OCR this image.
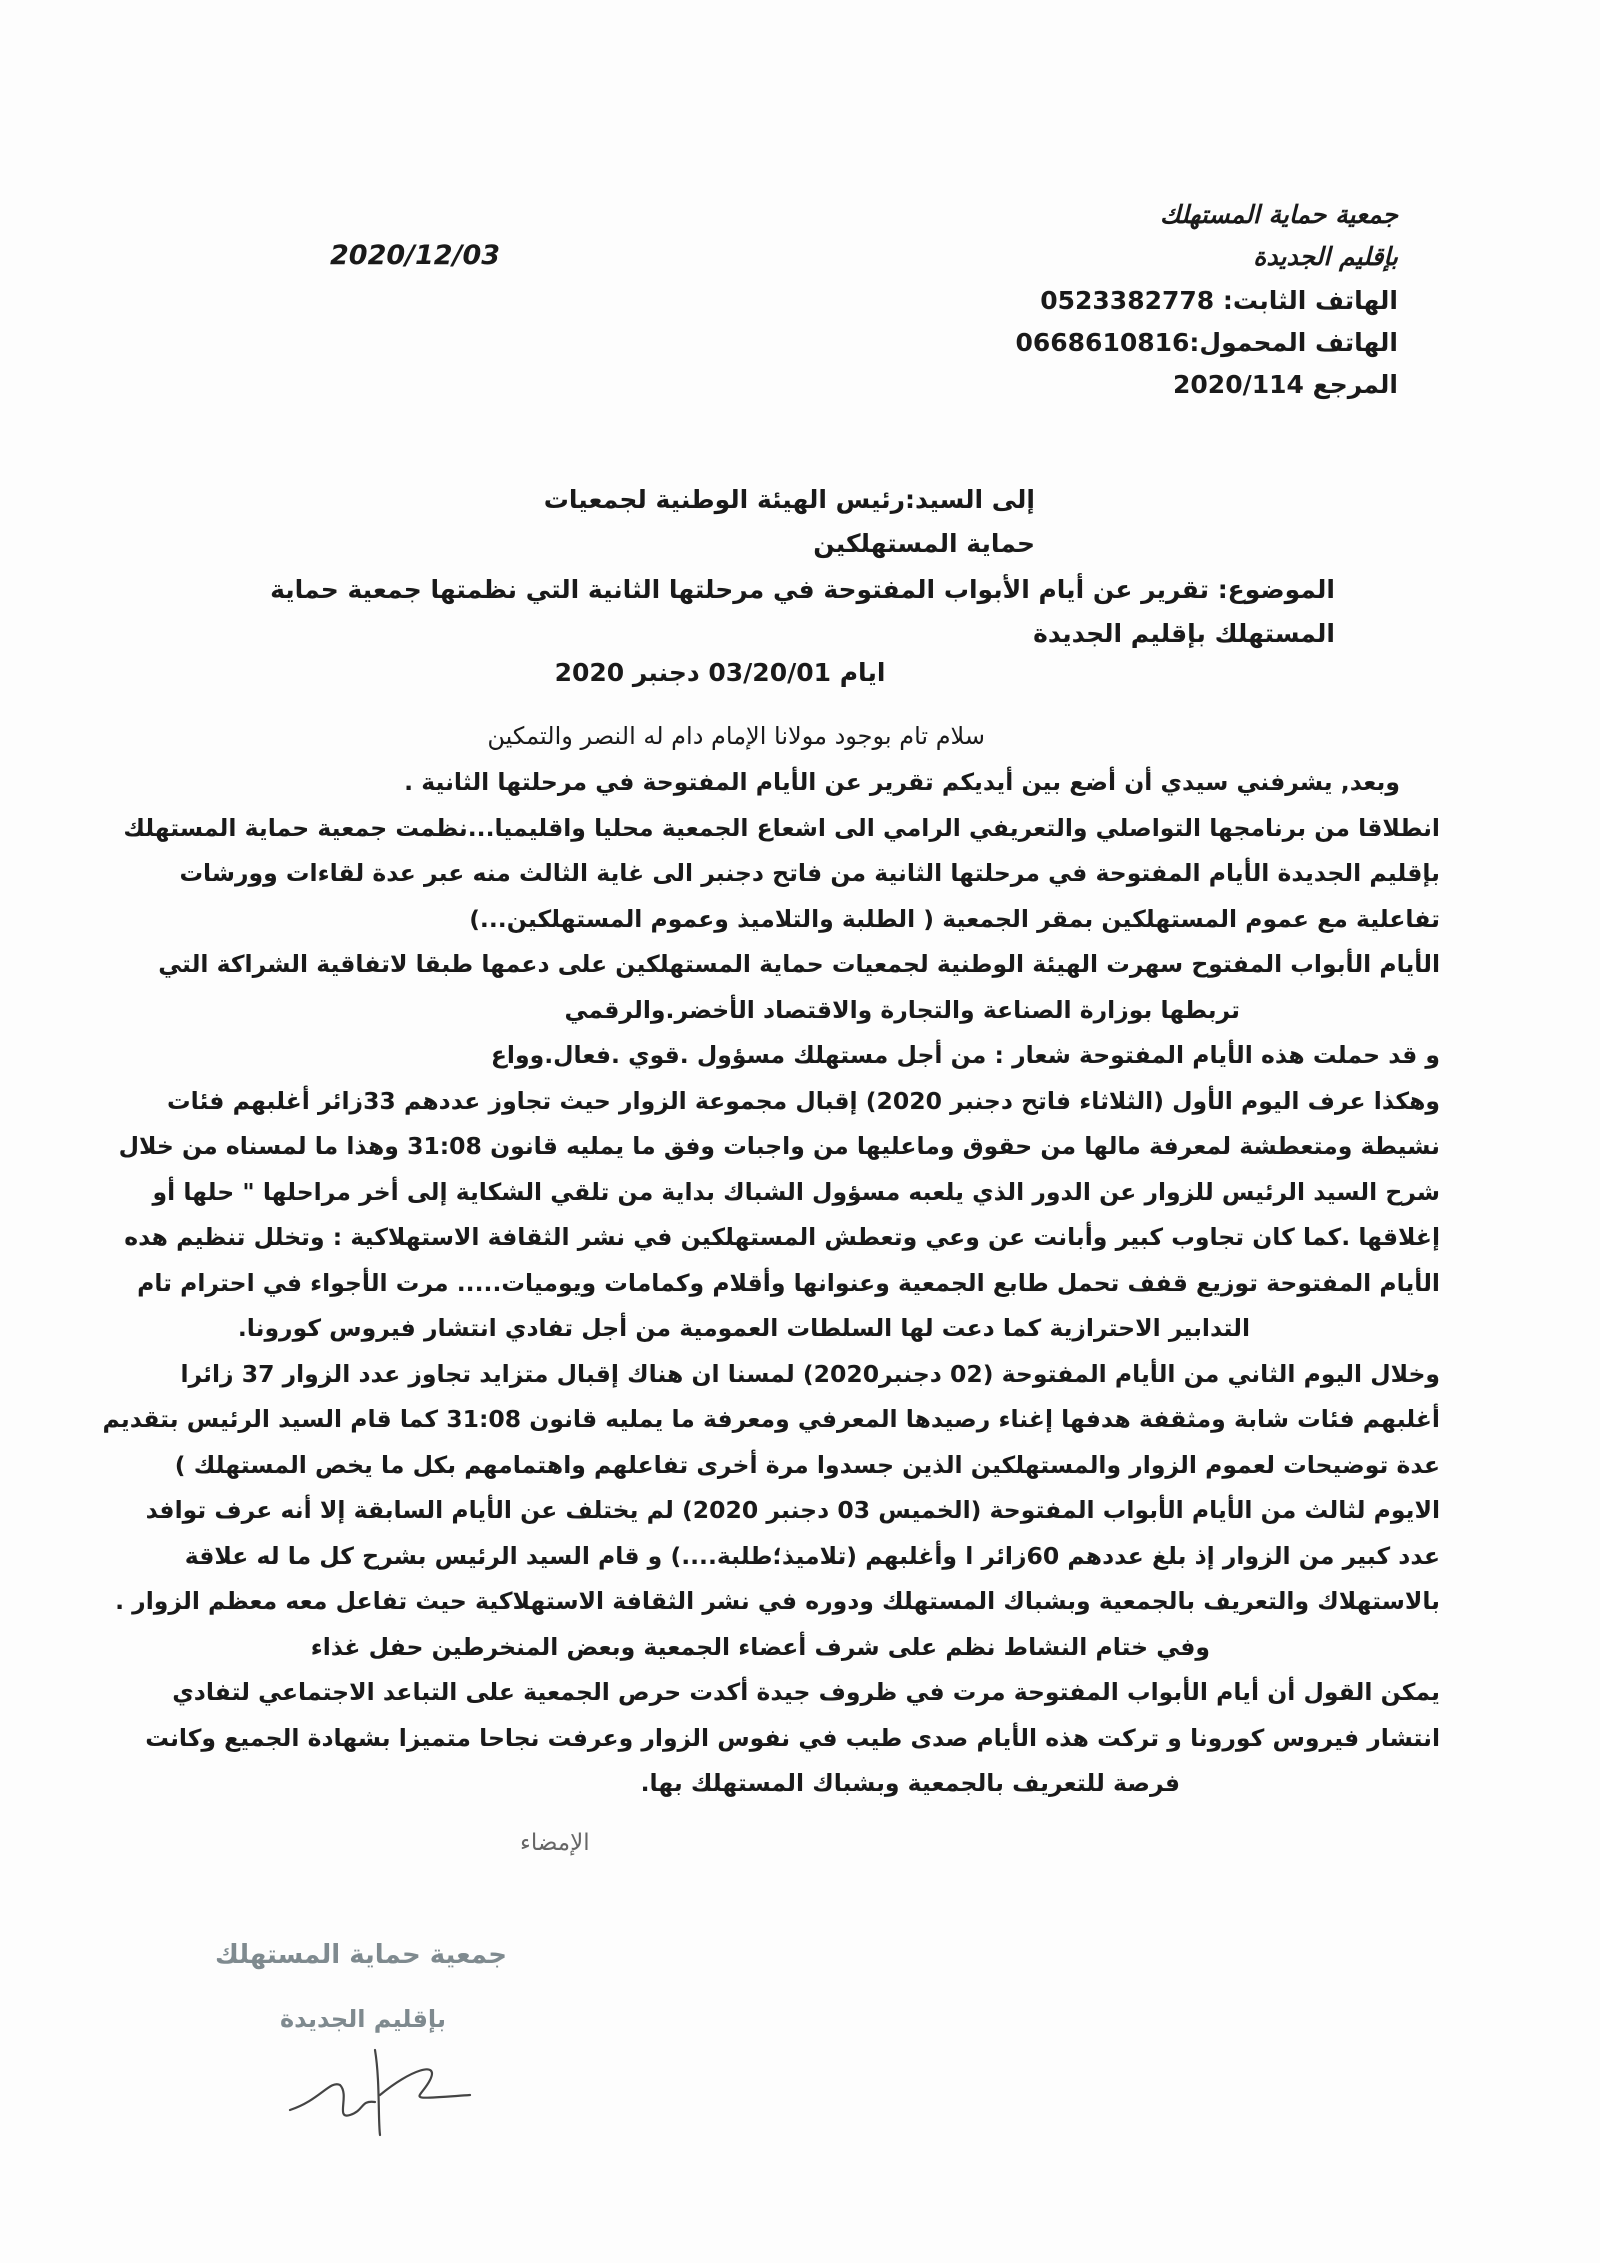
جمعية حماية المستهلك
بإقليم الجديدة
الهاتف الثابت: 0523382778
الهاتف المحمول:0668610816
المرجع 2020/114
2020/12/03
إلى السيد:رئيس الهيئة الوطنية لجمعيات حماية المستهلكين
الموضوع: تقرير عن أيام الأبواب المفتوحة في مرحلتها الثانية التي نظمتها جمعية حماية المستهلك بإقليم الجديدة
ايام 03/20/01 دجنبر 2020
سلام تام بوجود مولانا الإمام دام له النصر والتمكين
وبعد, يشرفني سيدي أن أضع بين أيديكم تقرير عن الأيام المفتوحة في مرحلتها الثانية .
انطلاقا من برنامجها التواصلي والتعريفي الرامي الى اشعاع الجمعية محليا واقليميا...نظمت جمعية حماية المستهلك
بإقليم الجديدة الأيام المفتوحة في مرحلتها الثانية من فاتح دجنبر الى غاية الثالث منه عبر عدة لقاءات وورشات
تفاعلية مع عموم المستهلكين بمقر الجمعية ( الطلبة والتلاميذ وعموم المستهلكين...)
الأيام الأبواب المفتوح سهرت الهيئة الوطنية لجمعيات حماية المستهلكين على دعمها طبقا لاتفاقية الشراكة التي
تربطها بوزارة الصناعة والتجارة والاقتصاد الأخضر.والرقمي
و قد حملت هذه الأيام المفتوحة شعار : من أجل مستهلك مسؤول .قوي .فعال.وواع
وهكذا عرف اليوم الأول (الثلاثاء فاتح دجنبر 2020) إقبال مجموعة الزوار حيث تجاوز عددهم 33زائر أغلبهم فئات
نشيطة ومتعطشة لمعرفة مالها من حقوق وماعليها من واجبات وفق ما يمليه قانون 31:08 وهذا ما لمسناه من خلال
شرح السيد الرئيس للزوار عن الدور الذي يلعبه مسؤول الشباك بداية من تلقي الشكاية إلى أخر مراحلها " حلها أو
إغلاقها .كما كان تجاوب كبير وأبانت عن وعي وتعطش المستهلكين في نشر الثقافة الاستهلاكية : وتخلل تنظيم هده
الأيام المفتوحة توزيع قفف تحمل طابع الجمعية وعنوانها وأقلام وكمامات ويوميات..... مرت الأجواء في احترام تام
التدابير الاحترازية كما دعت لها السلطات العمومية من أجل تفادي انتشار فيروس كورونا.
وخلال اليوم الثاني من الأيام المفتوحة (02 دجنبر2020) لمسنا ان هناك إقبال متزايد تجاوز عدد الزوار 37 زائرا
أغلبهم فئات شابة ومثقفة هدفها إغناء رصيدها المعرفي ومعرفة ما يمليه قانون 31:08 كما قام السيد الرئيس بتقديم
عدة توضيحات لعموم الزوار والمستهلكين الذين جسدوا مرة أخرى تفاعلهم واهتمامهم بكل ما يخص المستهلك )
الايوم لثالث من الأيام الأبواب المفتوحة (الخميس 03 دجنبر 2020) لم يختلف عن الأيام السابقة إلا أنه عرف توافد
عدد كبير من الزوار إذ بلغ عددهم 60زائر ا وأغلبهم (تلاميذ؛طلبة....) و قام السيد الرئيس بشرح كل ما له علاقة
بالاستهلاك والتعريف بالجمعية وبشباك المستهلك ودوره في نشر الثقافة الاستهلاكية حيث تفاعل معه معظم الزوار .
وفي ختام النشاط نظم على شرف أعضاء الجمعية وبعض المنخرطين حفل غذاء
يمكن القول أن أيام الأبواب المفتوحة مرت في ظروف جيدة أكدت حرص الجمعية على التباعد الاجتماعي لتفادي
انتشار فيروس كورونا و تركت هذه الأيام صدى طيب في نفوس الزوار وعرفت نجاحا متميزا بشهادة الجميع وكانت
فرصة للتعريف بالجمعية وبشباك المستهلك بها.
الإمضاء
جمعية حماية المستهلك
بإقليم الجديدة
